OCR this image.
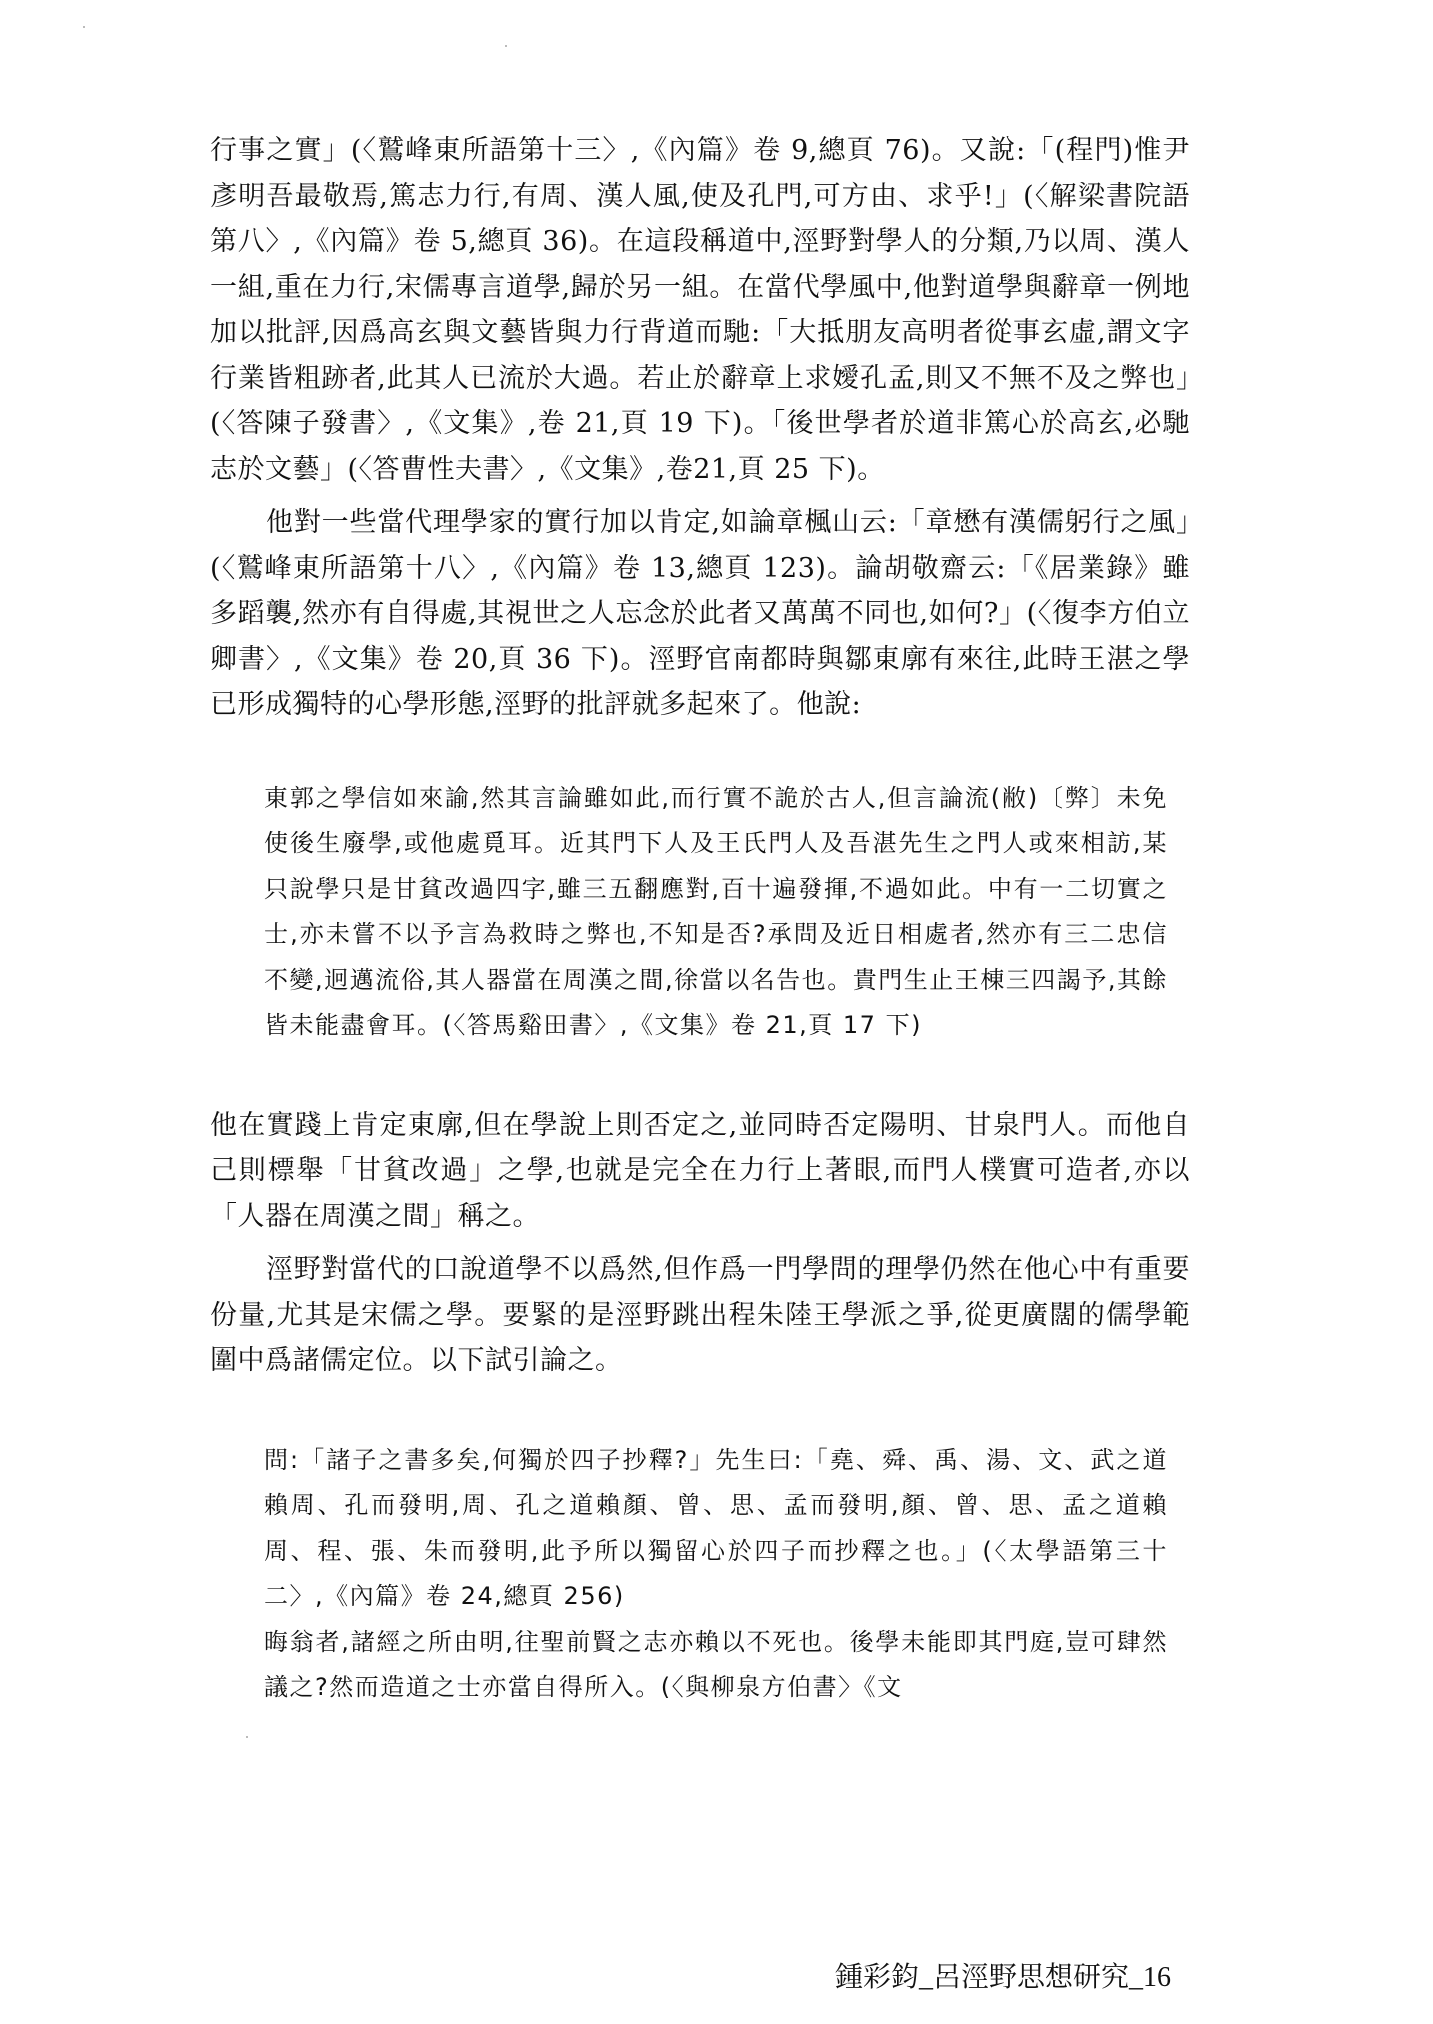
行事之實」(〈鷲峰東所語第十三〉,《內篇》卷 9,總頁 76)。又說:「(程門)惟尹彥明吾最敬焉,篤志力行,有周、漢人風,使及孔門,可方由、求乎!」(〈解梁書院語第八〉,《內篇》卷 5,總頁 36)。在這段稱道中,涇野對學人的分類,乃以周、漢人一組,重在力行,宋儒專言道學,歸於另一組。在當代學風中,他對道學與辭章一例地加以批評,因爲高玄與文藝皆與力行背道而馳:「大抵朋友高明者從事玄虛,謂文字行業皆粗跡者,此其人已流於大過。若止於辭章上求嬡孔孟,則又不無不及之弊也」(〈答陳子發書〉,《文集》,卷 21,頁 19 下)。「後世學者於道非篤心於高玄,必馳志於文藝」(〈答曹性夫書〉,《文集》,卷21,頁 25 下)。

他對一些當代理學家的實行加以肯定,如論章楓山云:「章懋有漢儒躬行之風」(〈鷲峰東所語第十八〉,《內篇》卷 13,總頁 123)。論胡敬齋云:「《居業錄》雖多蹈襲,然亦有自得處,其視世之人忘念於此者又萬萬不同也,如何?」(〈復李方伯立卿書〉,《文集》卷 20,頁 36 下)。涇野官南都時與鄒東廓有來往,此時王湛之學已形成獨特的心學形態,涇野的批評就多起來了。他說:

東郭之學信如來諭,然其言論雖如此,而行實不詭於古人,但言論流(敝)〔弊〕未免使後生廢學,或他處覓耳。近其門下人及王氏門人及吾湛先生之門人或來相訪,某只說學只是甘貧改過四字,雖三五翻應對,百十遍發揮,不過如此。中有一二切實之士,亦未嘗不以予言為救時之弊也,不知是否?承問及近日相處者,然亦有三二忠信不變,迥邁流俗,其人器當在周漢之間,徐當以名告也。貴門生止王棟三四謁予,其餘皆未能盡會耳。(〈答馬谿田書〉,《文集》卷 21,頁 17 下)

他在實踐上肯定東廓,但在學說上則否定之,並同時否定陽明、甘泉門人。而他自己則標舉「甘貧改過」之學,也就是完全在力行上著眼,而門人樸實可造者,亦以「人器在周漢之間」稱之。

涇野對當代的口說道學不以爲然,但作爲一門學問的理學仍然在他心中有重要份量,尤其是宋儒之學。要緊的是涇野跳出程朱陸王學派之爭,從更廣闊的儒學範圍中爲諸儒定位。以下試引論之。

問:「諸子之書多矣,何獨於四子抄釋?」先生曰:「堯、舜、禹、湯、文、武之道賴周、孔而發明,周、孔之道賴顏、曾、思、孟而發明,顏、曾、思、孟之道賴周、程、張、朱而發明,此予所以獨留心於四子而抄釋之也。」(〈太學語第三十二〉,《內篇》卷 24,總頁 256)

晦翁者,諸經之所由明,往聖前賢之志亦賴以不死也。後學未能即其門庭,豈可肆然議之?然而造道之士亦當自得所入。(〈與柳泉方伯書〉《文

鍾彩鈞_呂涇野思想研究_16
